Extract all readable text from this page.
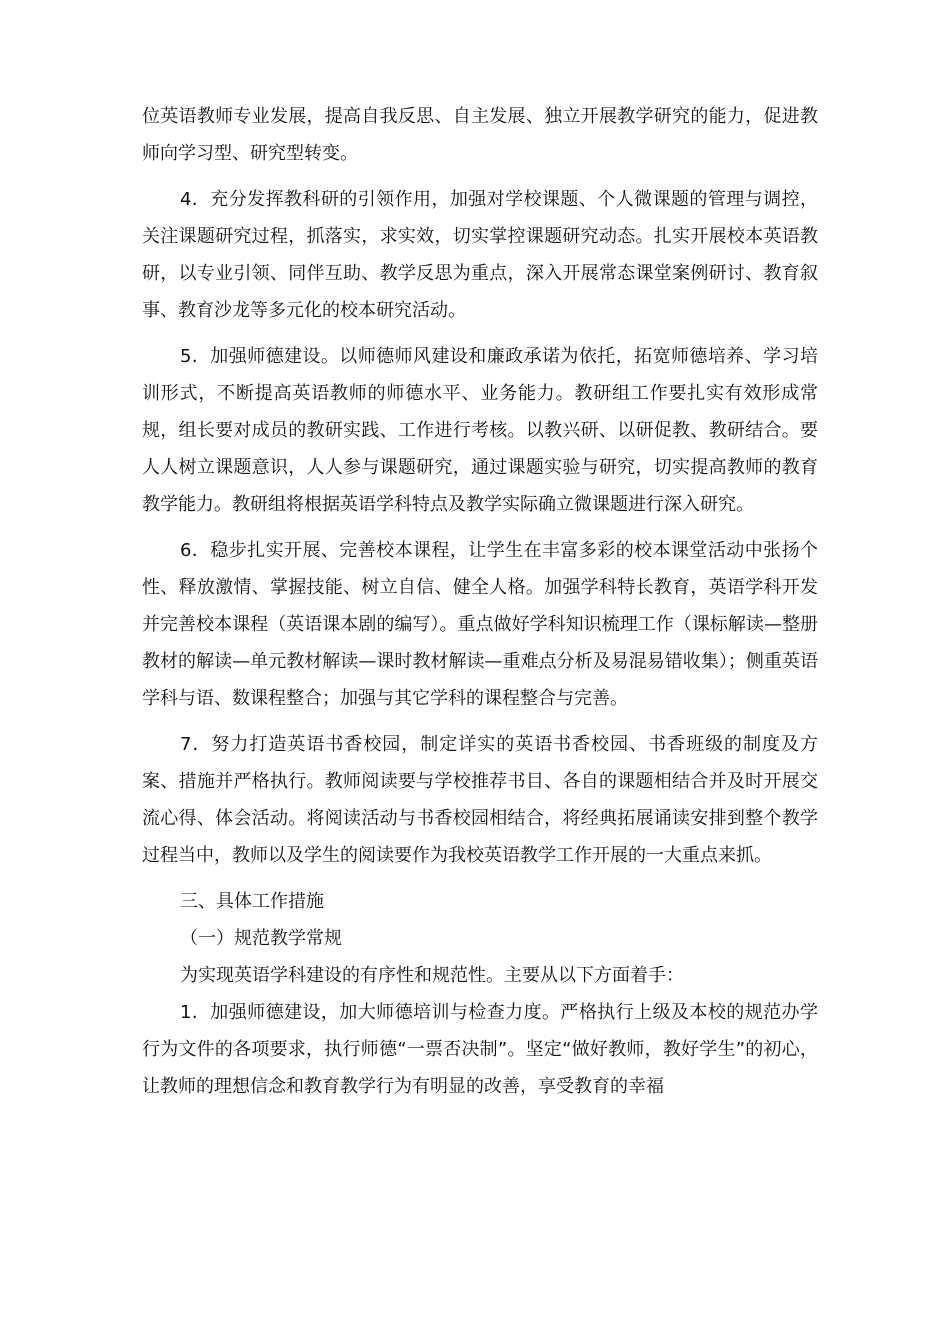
位英语教师专业发展，提高自我反思、自主发展、独立开展教学研究的能力，促进教师向学习型、研究型转变。

4．充分发挥教科研的引领作用，加强对学校课题、个人微课题的管理与调控，关注课题研究过程，抓落实，求实效，切实掌控课题研究动态。扎实开展校本英语教研，以专业引领、同伴互助、教学反思为重点，深入开展常态课堂案例研讨、教育叙事、教育沙龙等多元化的校本研究活动。

5．加强师德建设。以师德师风建设和廉政承诺为依托，拓宽师德培养、学习培训形式，不断提高英语教师的师德水平、业务能力。教研组工作要扎实有效形成常规，组长要对成员的教研实践、工作进行考核。以教兴研、以研促教、教研结合。要人人树立课题意识，人人参与课题研究，通过课题实验与研究，切实提高教师的教育教学能力。教研组将根据英语学科特点及教学实际确立微课题进行深入研究。

6．稳步扎实开展、完善校本课程，让学生在丰富多彩的校本课堂活动中张扬个性、释放激情、掌握技能、树立自信、健全人格。加强学科特长教育，英语学科开发并完善校本课程（英语课本剧的编写）。重点做好学科知识梳理工作（课标解读—整册教材的解读—单元教材解读—课时教材解读—重难点分析及易混易错收集）；侧重英语学科与语、数课程整合；加强与其它学科的课程整合与完善。

7．努力打造英语书香校园，制定详实的英语书香校园、书香班级的制度及方案、措施并严格执行。教师阅读要与学校推荐书目、各自的课题相结合并及时开展交流心得、体会活动。将阅读活动与书香校园相结合，将经典拓展诵读安排到整个教学过程当中，教师以及学生的阅读要作为我校英语教学工作开展的一大重点来抓。

三、具体工作措施

（一）规范教学常规

为实现英语学科建设的有序性和规范性。主要从以下方面着手：

1．加强师德建设，加大师德培训与检查力度。严格执行上级及本校的规范办学行为文件的各项要求，执行师德“一票否决制”。坚定“做好教师，教好学生”的初心，让教师的理想信念和教育教学行为有明显的改善，享受教育的幸福
